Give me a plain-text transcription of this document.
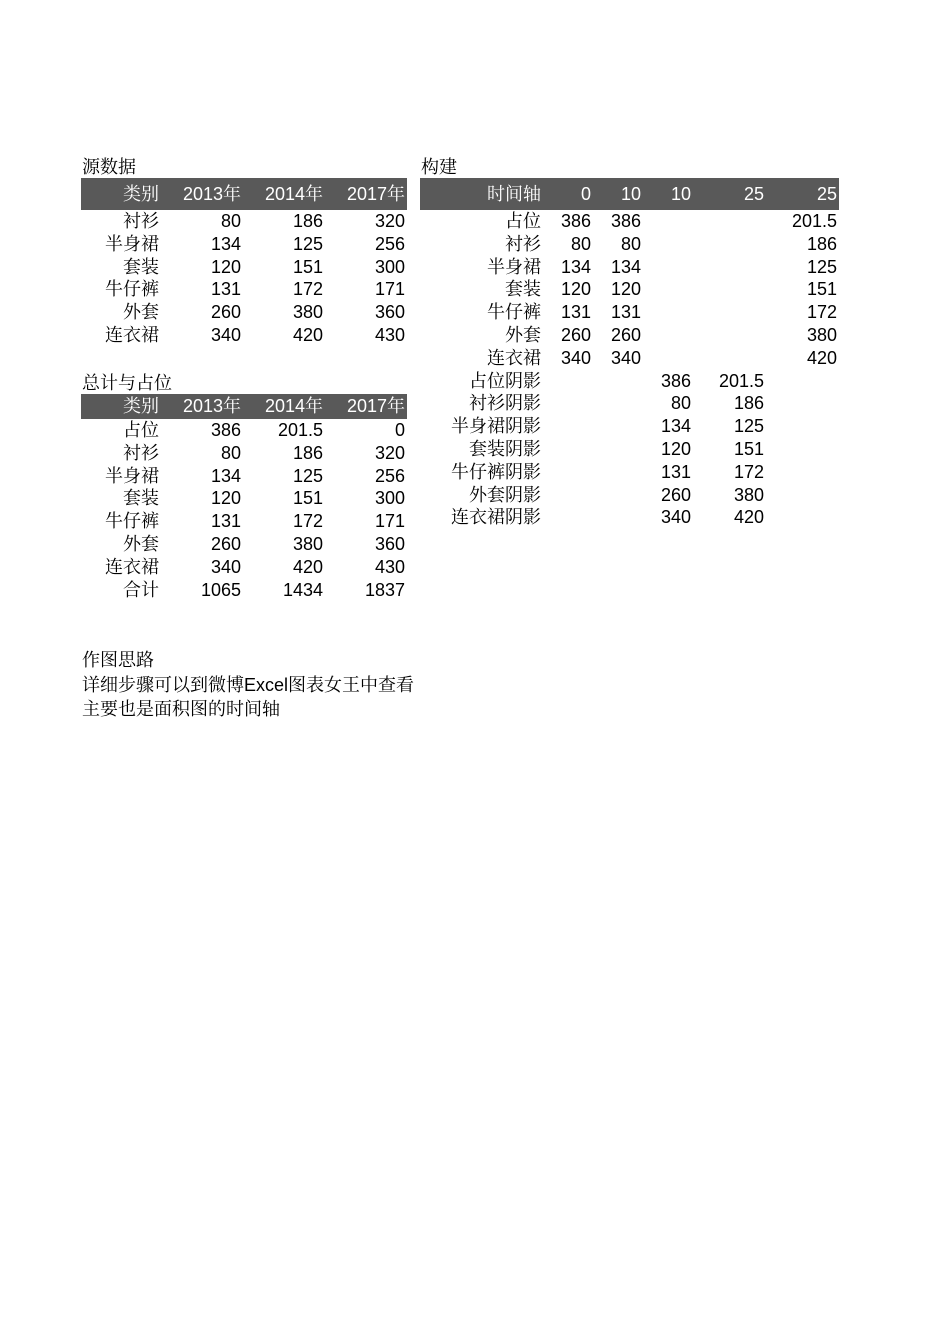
源数据
类别	2013年	2014年	2017年
衬衫	80	186	320
半身裙	134	125	256
套装	120	151	300
牛仔裤	131	172	171
外套	260	380	360
连衣裙	340	420	430
总计与占位
类别	2013年	2014年	2017年
占位	386	201.5	0
衬衫	80	186	320
半身裙	134	125	256
套装	120	151	300
牛仔裤	131	172	171
外套	260	380	360
连衣裙	340	420	430
合计	1065	1434	1837
构建
时间轴	0	10	10	25	25
占位	386	386			201.5
衬衫	80	80			186
半身裙	134	134			125
套装	120	120			151
牛仔裤	131	131			172
外套	260	260			380
连衣裙	340	340			420
占位阴影			386	201.5	
衬衫阴影			80	186	
半身裙阴影			134	125	
套装阴影			120	151	
牛仔裤阴影			131	172	
外套阴影			260	380	
连衣裙阴影			340	420	
作图思路
详细步骤可以到微博Excel图表女王中查看
主要也是面积图的时间轴
